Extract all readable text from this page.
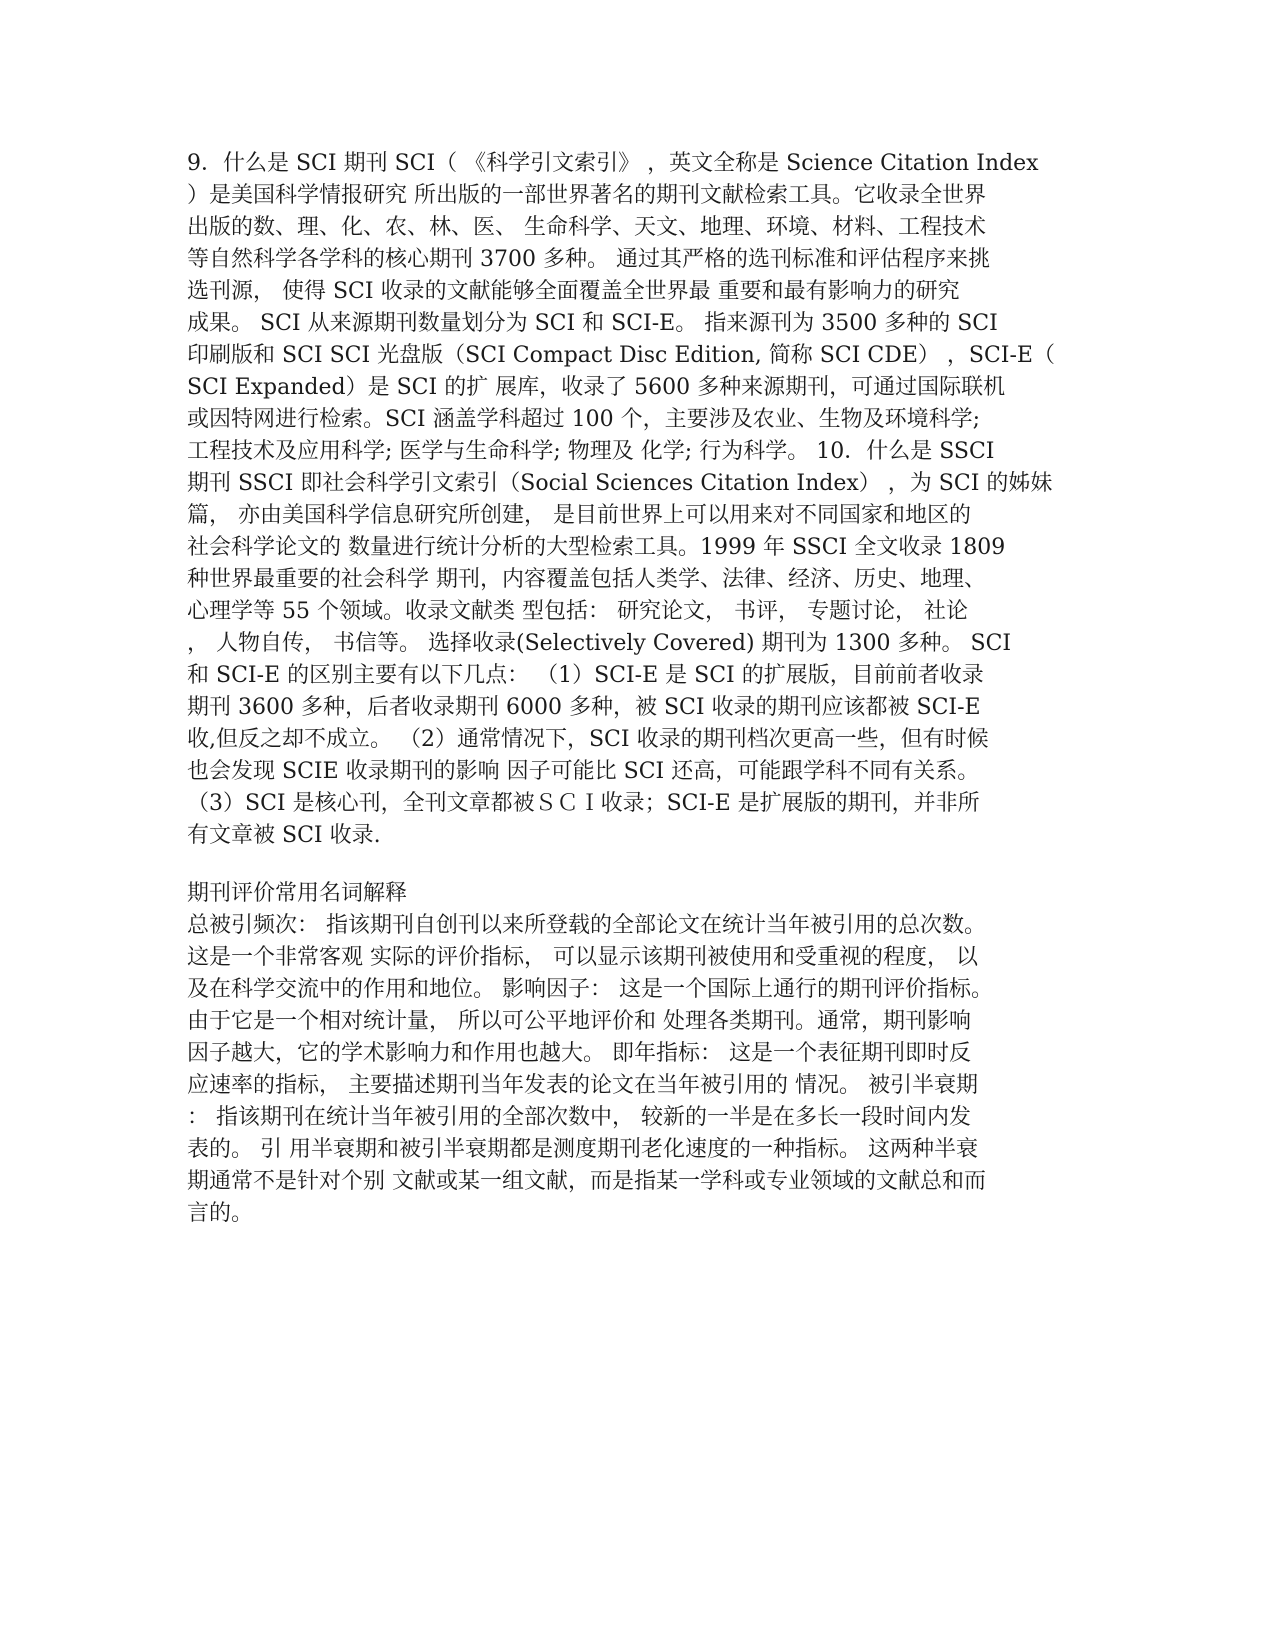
9．什么是 SCI 期刊 SCI（ 《科学引文索引》 ，英文全称是 Science Citation Index
）是美国科学情报研究 所出版的一部世界著名的期刊文献检索工具。它收录全世界
出版的数、理、化、农、林、医、 生命科学、天文、地理、环境、材料、工程技术
等自然科学各学科的核心期刊 3700 多种。 通过其严格的选刊标准和评估程序来挑
选刊源， 使得 SCI 收录的文献能够全面覆盖全世界最 重要和最有影响力的研究
成果。 SCI 从来源期刊数量划分为 SCI 和 SCI-E。 指来源刊为 3500 多种的 SCI
印刷版和 SCI SCI 光盘版（SCI Compact Disc Edition, 简称 SCI CDE） ，SCI-E（
SCI Expanded）是 SCI 的扩 展库，收录了 5600 多种来源期刊，可通过国际联机
或因特网进行检索。SCI 涵盖学科超过 100 个，主要涉及农业、生物及环境科学;
工程技术及应用科学; 医学与生命科学; 物理及 化学; 行为科学。 10．什么是 SSCI
期刊 SSCI 即社会科学引文索引（Social Sciences Citation Index） ，为 SCI 的姊妹
篇， 亦由美国科学信息研究所创建， 是目前世界上可以用来对不同国家和地区的
社会科学论文的 数量进行统计分析的大型检索工具。1999 年 SSCI 全文收录 1809
种世界最重要的社会科学 期刊，内容覆盖包括人类学、法律、经济、历史、地理、
心理学等 55 个领域。收录文献类 型包括： 研究论文， 书评， 专题讨论， 社论
， 人物自传， 书信等。 选择收录(Selectively Covered) 期刊为 1300 多种。 SCI
和 SCI-E 的区别主要有以下几点： （1）SCI-E 是 SCI 的扩展版，目前前者收录
期刊 3600 多种，后者收录期刊 6000 多种，被 SCI 收录的期刊应该都被 SCI-E
收,但反之却不成立。 （2）通常情况下，SCI 收录的期刊档次更高一些，但有时候
也会发现 SCIE 收录期刊的影响 因子可能比 SCI 还高，可能跟学科不同有关系。
（3）SCI 是核心刊，全刊文章都被ＳＣＩ收录；SCI-E 是扩展版的期刊，并非所
有文章被 SCI 收录.
期刊评价常用名词解释
总被引频次： 指该期刊自创刊以来所登载的全部论文在统计当年被引用的总次数。
这是一个非常客观 实际的评价指标， 可以显示该期刊被使用和受重视的程度， 以
及在科学交流中的作用和地位。 影响因子： 这是一个国际上通行的期刊评价指标。
由于它是一个相对统计量， 所以可公平地评价和 处理各类期刊。通常，期刊影响
因子越大，它的学术影响力和作用也越大。 即年指标： 这是一个表征期刊即时反
应速率的指标， 主要描述期刊当年发表的论文在当年被引用的 情况。 被引半衰期
： 指该期刊在统计当年被引用的全部次数中， 较新的一半是在多长一段时间内发
表的。 引 用半衰期和被引半衰期都是测度期刊老化速度的一种指标。 这两种半衰
期通常不是针对个别 文献或某一组文献，而是指某一学科或专业领域的文献总和而
言的。
